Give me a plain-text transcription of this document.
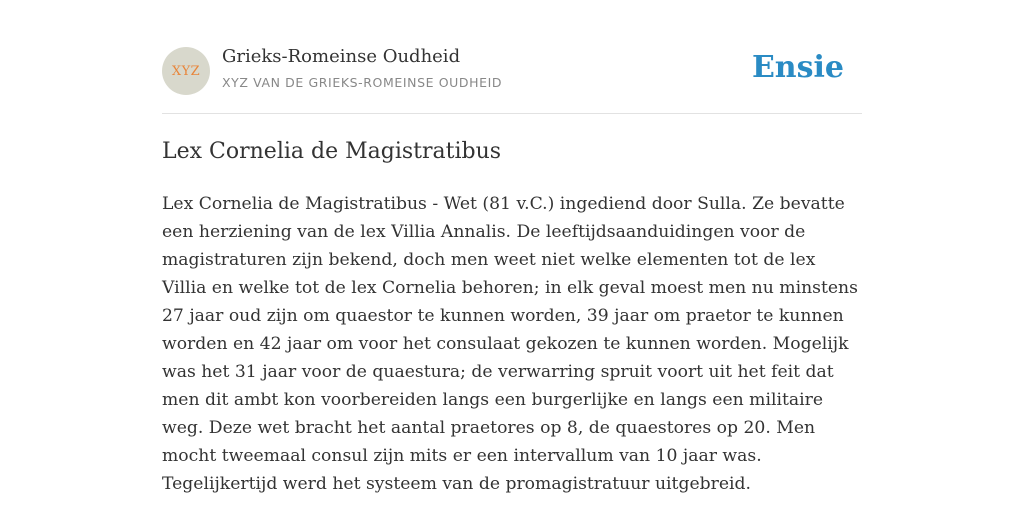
XYZ
Grieks-Romeinse Oudheid
XYZ VAN DE GRIEKS-ROMEINSE OUDHEID	Ensie
Lex Cornelia de Magistratibus

Lex Cornelia de Magistratibus - Wet (81 v.C.) ingediend door Sulla. Ze bevatte een herziening van de lex Villia Annalis. De leeftijdsaanduidingen voor de magistraturen zijn bekend, doch men weet niet welke elementen tot de lex Villia en welke tot de lex Cornelia behoren; in elk geval moest men nu minstens 27 jaar oud zijn om quaestor te kunnen worden, 39 jaar om praetor te kunnen worden en 42 jaar om voor het consulaat gekozen te kunnen worden. Mogelijk was het 31 jaar voor de quaestura; de verwarring spruit voort uit het feit dat men dit ambt kon voorbereiden langs een burgerlijke en langs een militaire weg. Deze wet bracht het aantal praetores op 8, de quaestores op 20. Men mocht tweemaal consul zijn mits er een intervallum van 10 jaar was. Tegelijkertijd werd het systeem van de promagistratuur uitgebreid.
